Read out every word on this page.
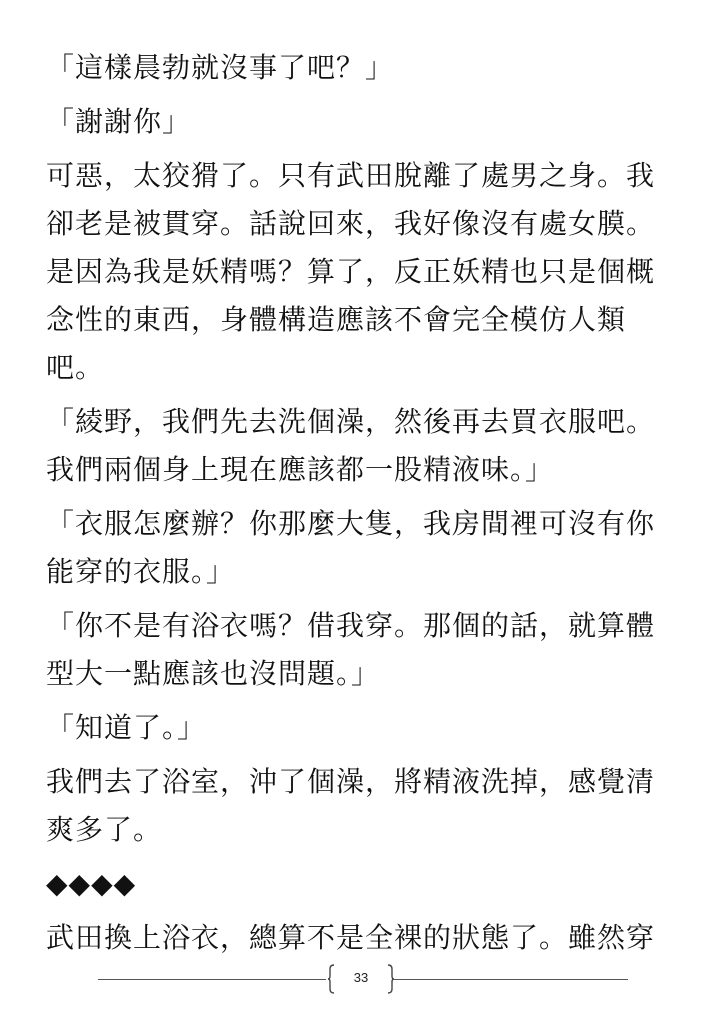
「這樣晨勃就沒事了吧？」

「謝謝你」

可惡，太狡猾了。只有武田脫離了處男之身。我
卻老是被貫穿。話說回來，我好像沒有處女膜。
是因為我是妖精嗎？算了，反正妖精也只是個概
念性的東西，身體構造應該不會完全模仿人類
吧。

「綾野，我們先去洗個澡，然後再去買衣服吧。
我們兩個身上現在應該都一股精液味。」

「衣服怎麼辦？你那麼大隻，我房間裡可沒有你
能穿的衣服。」

「你不是有浴衣嗎？借我穿。那個的話，就算體
型大一點應該也沒問題。」

「知道了。」

我們去了浴室，沖了個澡，將精液洗掉，感覺清
爽多了。

◆◆◆◆

武田換上浴衣，總算不是全裸的狀態了。雖然穿

33
